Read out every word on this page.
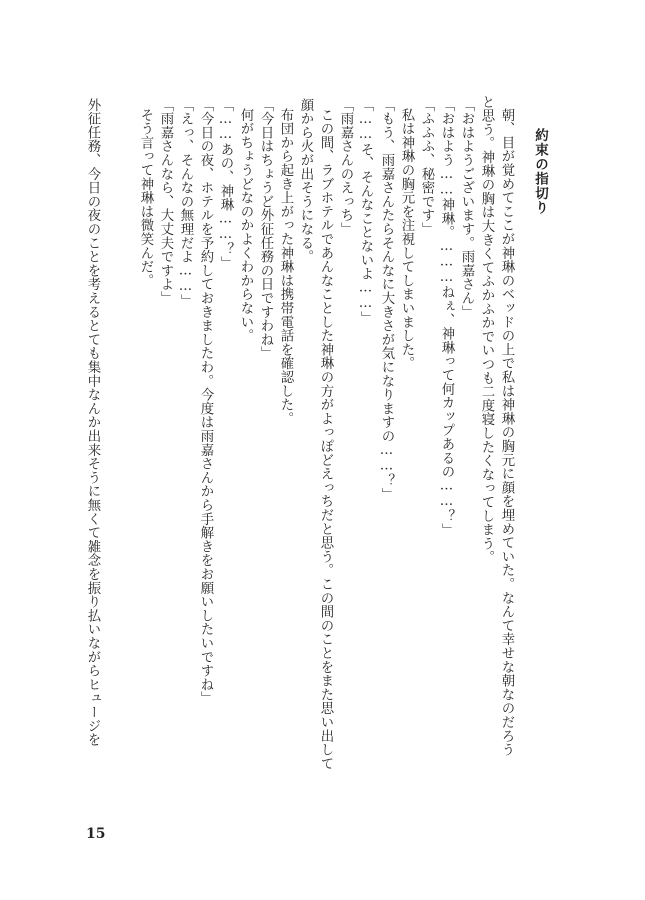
約束の指切り
朝、目が覚めてここが神琳のベッドの上で私は神琳の胸元に顔を埋めていた。なんて幸せな朝なのだろう
と思う。神琳の胸は大きくてふかふかでいつも二度寝したくなってしまう。
「おはようございます。雨嘉さん」
「おはよう……神琳。………ねぇ、神琳って何カップあるの……？」
「ふふふ、秘密です」
私は神琳の胸元を注視してしまいました。
「もう、雨嘉さんたらそんなに大きさが気になりますの……？」
「……そ、そんなことないよ……」
「雨嘉さんのえっち」
この間、ラブホテルであんなことした神琳の方がよっぽどえっちだと思う。この間のことをまた思い出して
顔から火が出そうになる。
布団から起き上がった神琳は携帯電話を確認した。
「今日はちょうど外征任務の日ですわね」
何がちょうどなのかよくわからない。
「……あの、神琳……？」
「今日の夜、ホテルを予約しておきましたわ。今度は雨嘉さんから手解きをお願いしたいですね」
「えっ、そんなの無理だよ……」
「雨嘉さんなら、大丈夫ですよ」
そう言って神琳は微笑んだ。
外征任務、今日の夜のことを考えるとても集中なんか出来そうに無くて雑念を振り払いながらヒュージを
15
